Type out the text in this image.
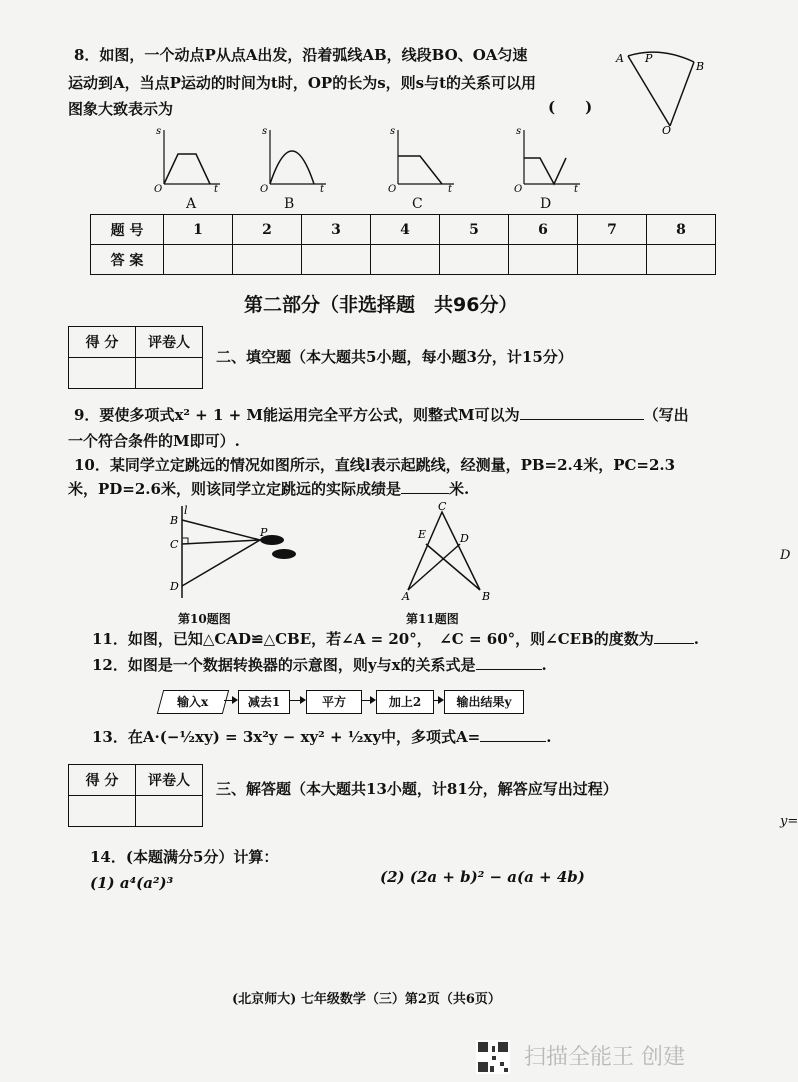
8．如图，一个动点P从点A出发，沿着弧线AB，线段BO、OA匀速
运动到A，当点P运动的时间为t时，OP的长为s，则s与t的关系可以用
图象大致表示为	(　　)
A P
B
O
s
O	t
A
s
O	t
B
s
O	t
C
s
O	t
D
题 号	1	2	3	4	5	6	7	8
答 案								
第二部分（非选择题　共96分）
得 分	评卷人

二、填空题（本大题共5小题，每小题3分，计15分）
9．要使多项式x² + 1 + M能运用完全平方公式，则整式M可以为	（写出
一个符合条件的M即可）.
10．某同学立定跳远的情况如图所示，直线l表示起跳线，经测量，PB=2.4米，PC=2.3
米，PD=2.6米，则该同学立定跳远的实际成绩是	米.
l
B
C
D
P
第10题图
C
E	D
A	B
第11题图
11．如图，已知△CAD≌△CBE，若∠A = 20°，　∠C = 60°，则∠CEB的度数为	.
12．如图是一个数据转换器的示意图，则y与x的关系式是	.
输入x	减去1	平方	加上2	输出结果y
13．在A·(−½xy) = 3x²y − xy² + ½xy中，多项式A=	.
得 分	评卷人
	三、解答题（本大题共13小题，计81分，解答应写出过程）
14．(本题满分5分）计算：
(1) a⁴(a²)³	(2) (2a + b)² − a(a + 4b)
(北京师大) 七年级数学（三）第2页（共6页）
扫描全能王 创建
D
y=
